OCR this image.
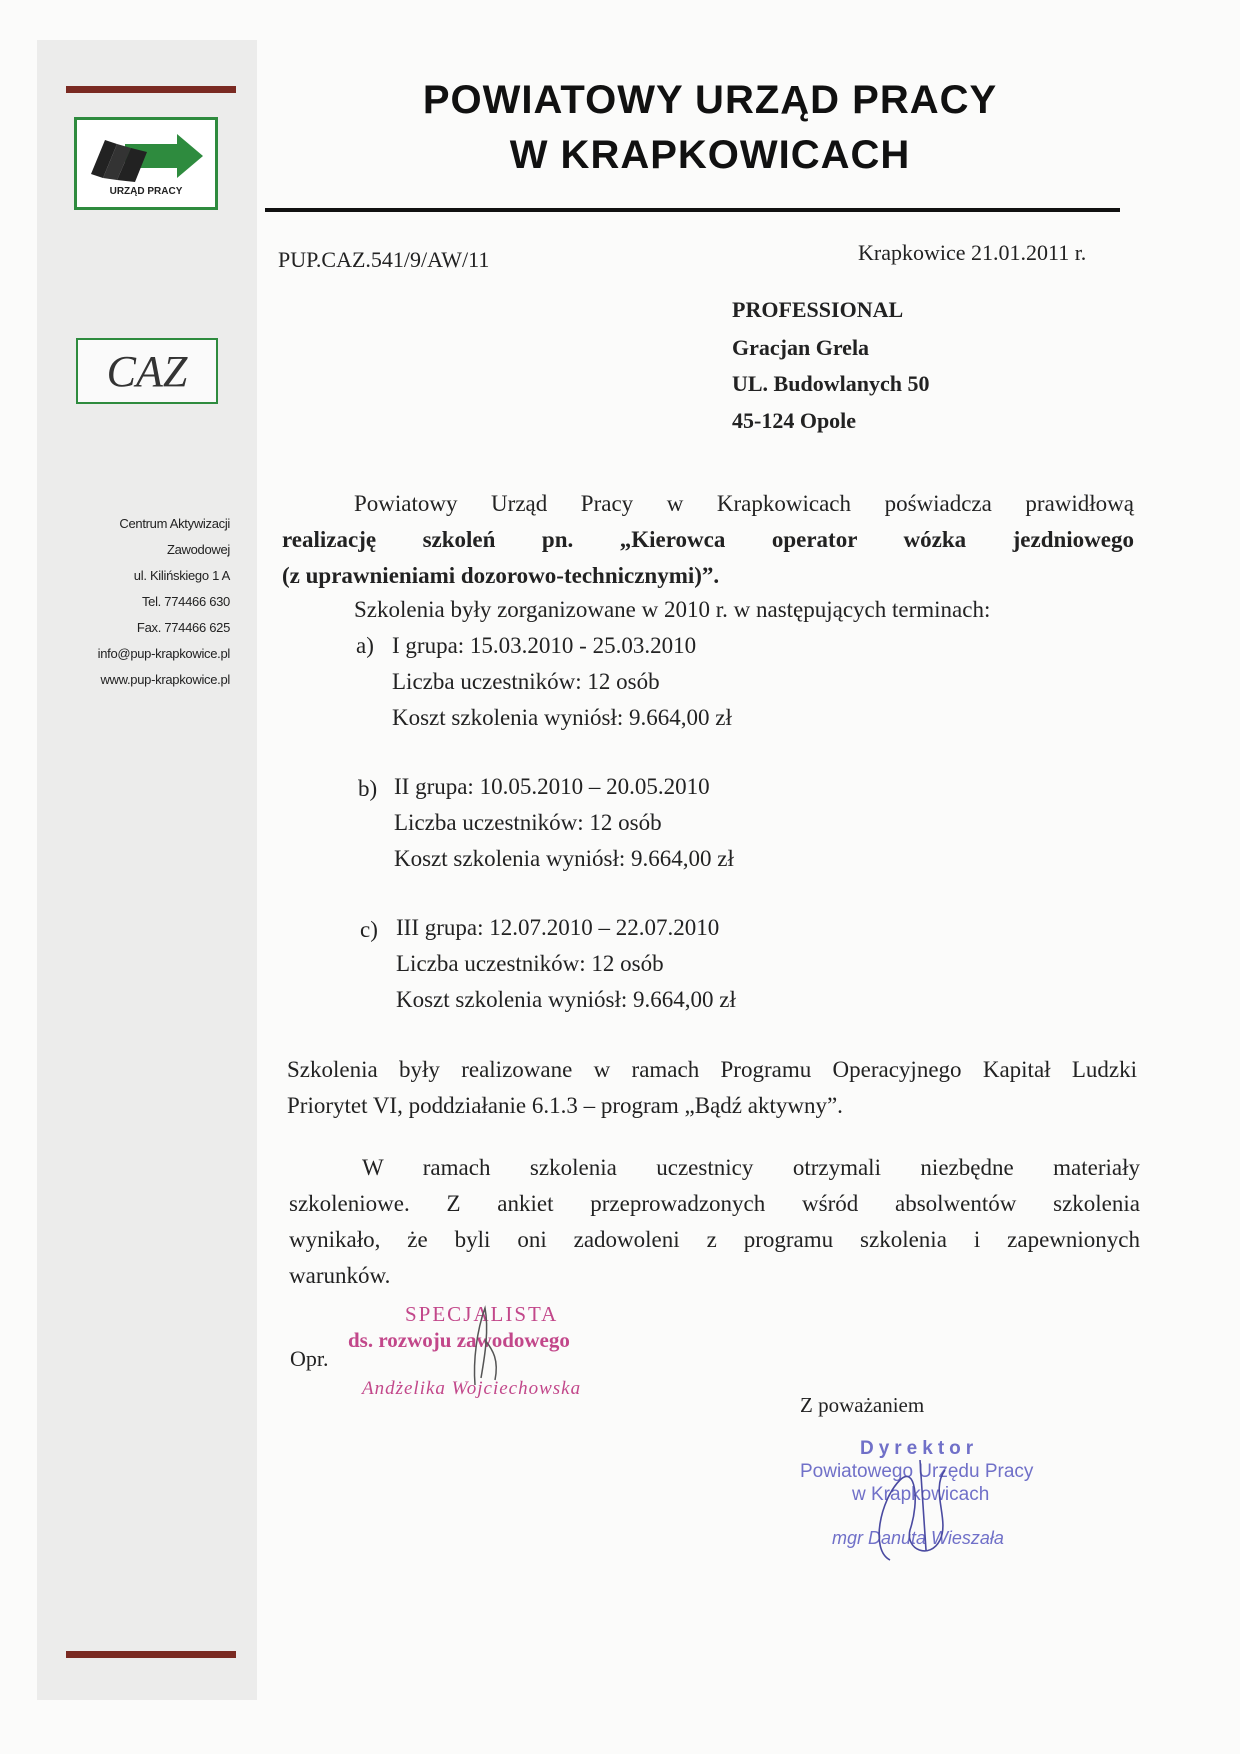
URZĄD PRACY
CAZ
Centrum Aktywizacji
Zawodowej
ul. Kilińskiego 1 A
Tel. 774466 630
Fax. 774466 625
info@pup-krapkowice.pl
www.pup-krapkowice.pl
POWIATOWY URZĄD PRACY
W KRAPKOWICACH
PUP.CAZ.541/9/AW/11	Krapkowice 21.01.2011 r.
PROFESSIONAL
Gracjan Grela
UL. Budowlanych 50
45-124 Opole
Powiatowy Urząd Pracy w Krapkowicach poświadcza prawidłową
realizację szkoleń pn. „Kierowca operator wózka jezdniowego
(z uprawnieniami dozorowo-technicznymi)”.
Szkolenia były zorganizowane w 2010 r. w następujących terminach:
a) I grupa: 15.03.2010 - 25.03.2010
Liczba uczestników: 12 osób
Koszt szkolenia wyniósł: 9.664,00 zł
b) II grupa: 10.05.2010 – 20.05.2010
Liczba uczestników: 12 osób
Koszt szkolenia wyniósł: 9.664,00 zł
c) III grupa: 12.07.2010 – 22.07.2010
Liczba uczestników: 12 osób
Koszt szkolenia wyniósł: 9.664,00 zł
Szkolenia były realizowane w ramach Programu Operacyjnego Kapitał Ludzki
Priorytet VI, poddziałanie 6.1.3 – program „Bądź aktywny”.
W ramach szkolenia uczestnicy otrzymali niezbędne materiały
szkoleniowe. Z ankiet przeprowadzonych wśród absolwentów szkolenia
wynikało, że byli oni zadowoleni z programu szkolenia i zapewnionych
warunków.
Opr.
SPECJALISTA
ds. rozwoju zawodowego
Andżelika Wojciechowska
Z poważaniem
Dyrektor
Powiatowego Urzędu Pracy
w Krapkowicach
mgr Danuta Wieszała
